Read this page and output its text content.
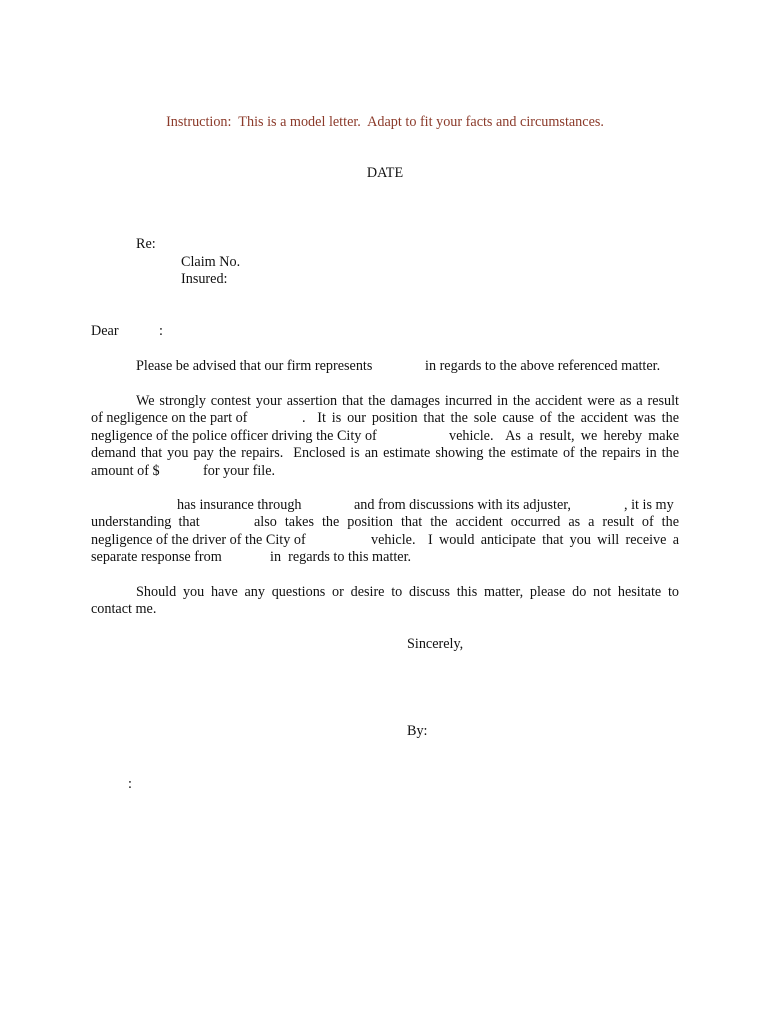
Instruction:  This is a model letter.  Adapt to fit your facts and circumstances.
DATE
Re:
Claim No.
Insured:
Dear	:
Please be advised that our firm represents	in regards to the above referenced matter.
We strongly contest your assertion that the damages incurred in the accident were as a result
of negligence on the part of	.  It is our position that the sole cause of the accident was the
negligence of the police officer driving the City of	vehicle.  As a result, we hereby make
demand that you pay the repairs.  Enclosed is an estimate showing the estimate of the repairs in the
amount of $	for your file.
has insurance through	and from discussions with its adjuster,	, it is my
understanding  that	also  takes  the  position  that  the  accident  occurred  as  a  result  of  the
negligence of the driver of the City of	vehicle.  I would anticipate that you will receive a
separate response from	in  regards to this matter.
Should you have any questions or desire to discuss this matter, please do not hesitate to
contact me.
Sincerely,
By:
:
